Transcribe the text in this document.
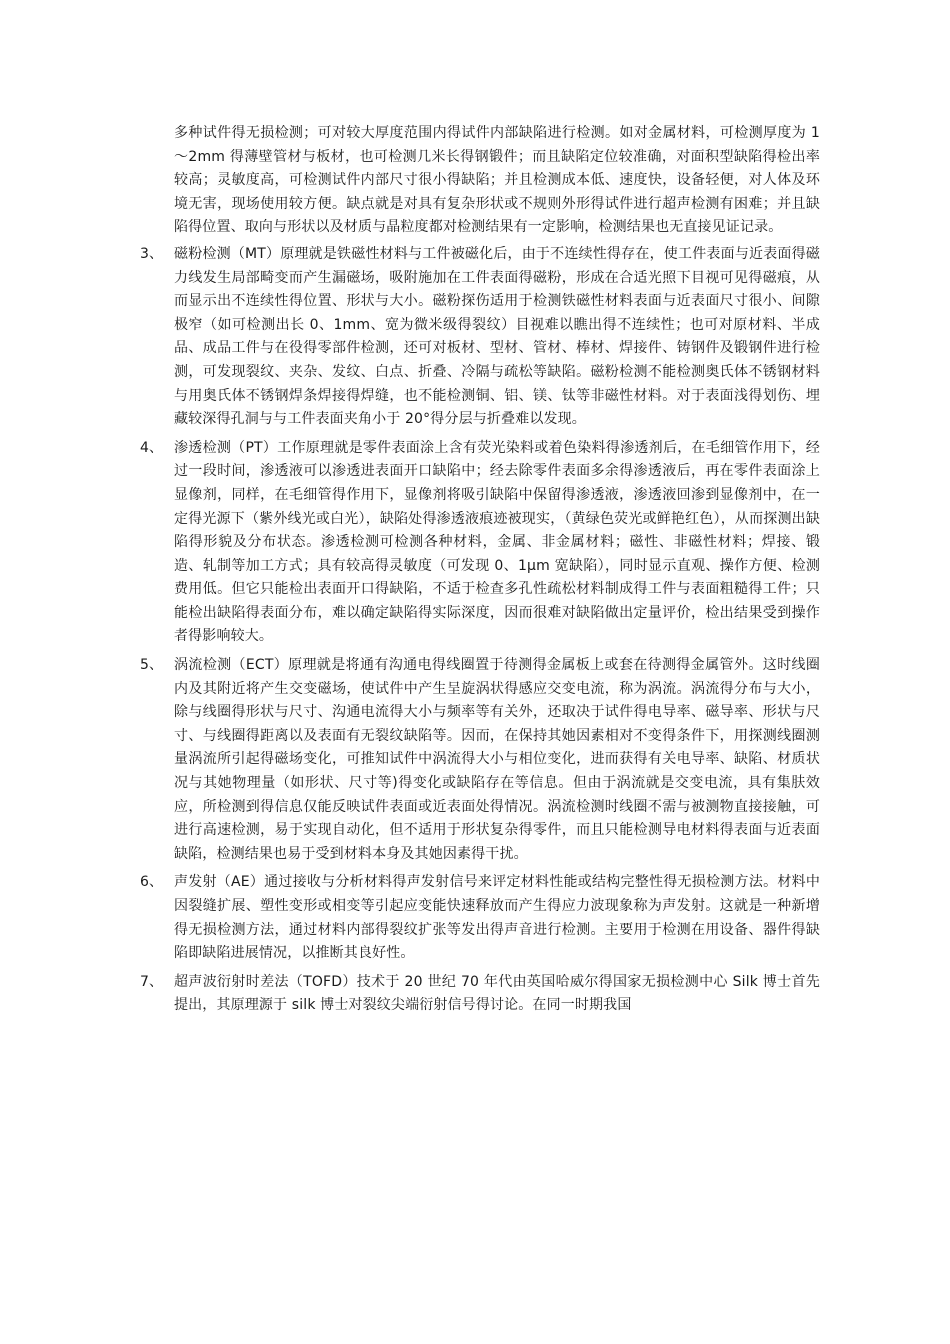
多种试件得无损检测；可对较大厚度范围内得试件内部缺陷进行检测。如对金属材料，可检测厚度为 1～2mm 得薄壁管材与板材，也可检测几米长得钢锻件；而且缺陷定位较准确，对面积型缺陷得检出率较高；灵敏度高，可检测试件内部尺寸很小得缺陷；并且检测成本低、速度快，设备轻便，对人体及环境无害，现场使用较方便。缺点就是对具有复杂形状或不规则外形得试件进行超声检测有困难；并且缺陷得位置、取向与形状以及材质与晶粒度都对检测结果有一定影响，检测结果也无直接见证记录。

3、 磁粉检测（MT）原理就是铁磁性材料与工件被磁化后，由于不连续性得存在，使工件表面与近表面得磁力线发生局部畸变而产生漏磁场，吸附施加在工件表面得磁粉，形成在合适光照下目视可见得磁痕，从而显示出不连续性得位置、形状与大小。磁粉探伤适用于检测铁磁性材料表面与近表面尺寸很小、间隙极窄（如可检测出长 0、1mm、宽为微米级得裂纹）目视难以瞧出得不连续性；也可对原材料、半成品、成品工件与在役得零部件检测，还可对板材、型材、管材、棒材、焊接件、铸钢件及锻钢件进行检测，可发现裂纹、夹杂、发纹、白点、折叠、冷隔与疏松等缺陷。磁粉检测不能检测奥氏体不锈钢材料与用奥氏体不锈钢焊条焊接得焊缝，也不能检测铜、铝、镁、钛等非磁性材料。对于表面浅得划伤、埋藏较深得孔洞与与工件表面夹角小于 20°得分层与折叠难以发现。

4、 渗透检测（PT）工作原理就是零件表面涂上含有荧光染料或着色染料得渗透剂后，在毛细管作用下，经过一段时间，渗透液可以渗透进表面开口缺陷中；经去除零件表面多余得渗透液后，再在零件表面涂上显像剂，同样，在毛细管得作用下，显像剂将吸引缺陷中保留得渗透液，渗透液回渗到显像剂中，在一定得光源下（紫外线光或白光），缺陷处得渗透液痕迹被现实，（黄绿色荧光或鲜艳红色），从而探测出缺陷得形貌及分布状态。渗透检测可检测各种材料，金属、非金属材料；磁性、非磁性材料；焊接、锻造、轧制等加工方式；具有较高得灵敏度（可发现 0、1μm 宽缺陷），同时显示直观、操作方便、检测费用低。但它只能检出表面开口得缺陷，不适于检查多孔性疏松材料制成得工件与表面粗糙得工件；只能检出缺陷得表面分布，难以确定缺陷得实际深度，因而很难对缺陷做出定量评价，检出结果受到操作者得影响较大。

5、 涡流检测（ECT）原理就是将通有沟通电得线圈置于待测得金属板上或套在待测得金属管外。这时线圈内及其附近将产生交变磁场，使试件中产生呈旋涡状得感应交变电流，称为涡流。涡流得分布与大小，除与线圈得形状与尺寸、沟通电流得大小与频率等有关外，还取决于试件得电导率、磁导率、形状与尺寸、与线圈得距离以及表面有无裂纹缺陷等。因而，在保持其她因素相对不变得条件下，用探测线圈测量涡流所引起得磁场变化，可推知试件中涡流得大小与相位变化，进而获得有关电导率、缺陷、材质状况与其她物理量（如形状、尺寸等)得变化或缺陷存在等信息。但由于涡流就是交变电流，具有集肤效应，所检测到得信息仅能反映试件表面或近表面处得情况。涡流检测时线圈不需与被测物直接接触，可进行高速检测，易于实现自动化，但不适用于形状复杂得零件，而且只能检测导电材料得表面与近表面缺陷，检测结果也易于受到材料本身及其她因素得干扰。

6、 声发射（AE）通过接收与分析材料得声发射信号来评定材料性能或结构完整性得无损检测方法。材料中因裂缝扩展、塑性变形或相变等引起应变能快速释放而产生得应力波现象称为声发射。这就是一种新增得无损检测方法，通过材料内部得裂纹扩张等发出得声音进行检测。主要用于检测在用设备、器件得缺陷即缺陷进展情况，以推断其良好性。

7、 超声波衍射时差法（TOFD）技术于 20 世纪 70 年代由英国哈威尔得国家无损检测中心 Silk 博士首先提出，其原理源于 silk 博士对裂纹尖端衍射信号得讨论。在同一时期我国
